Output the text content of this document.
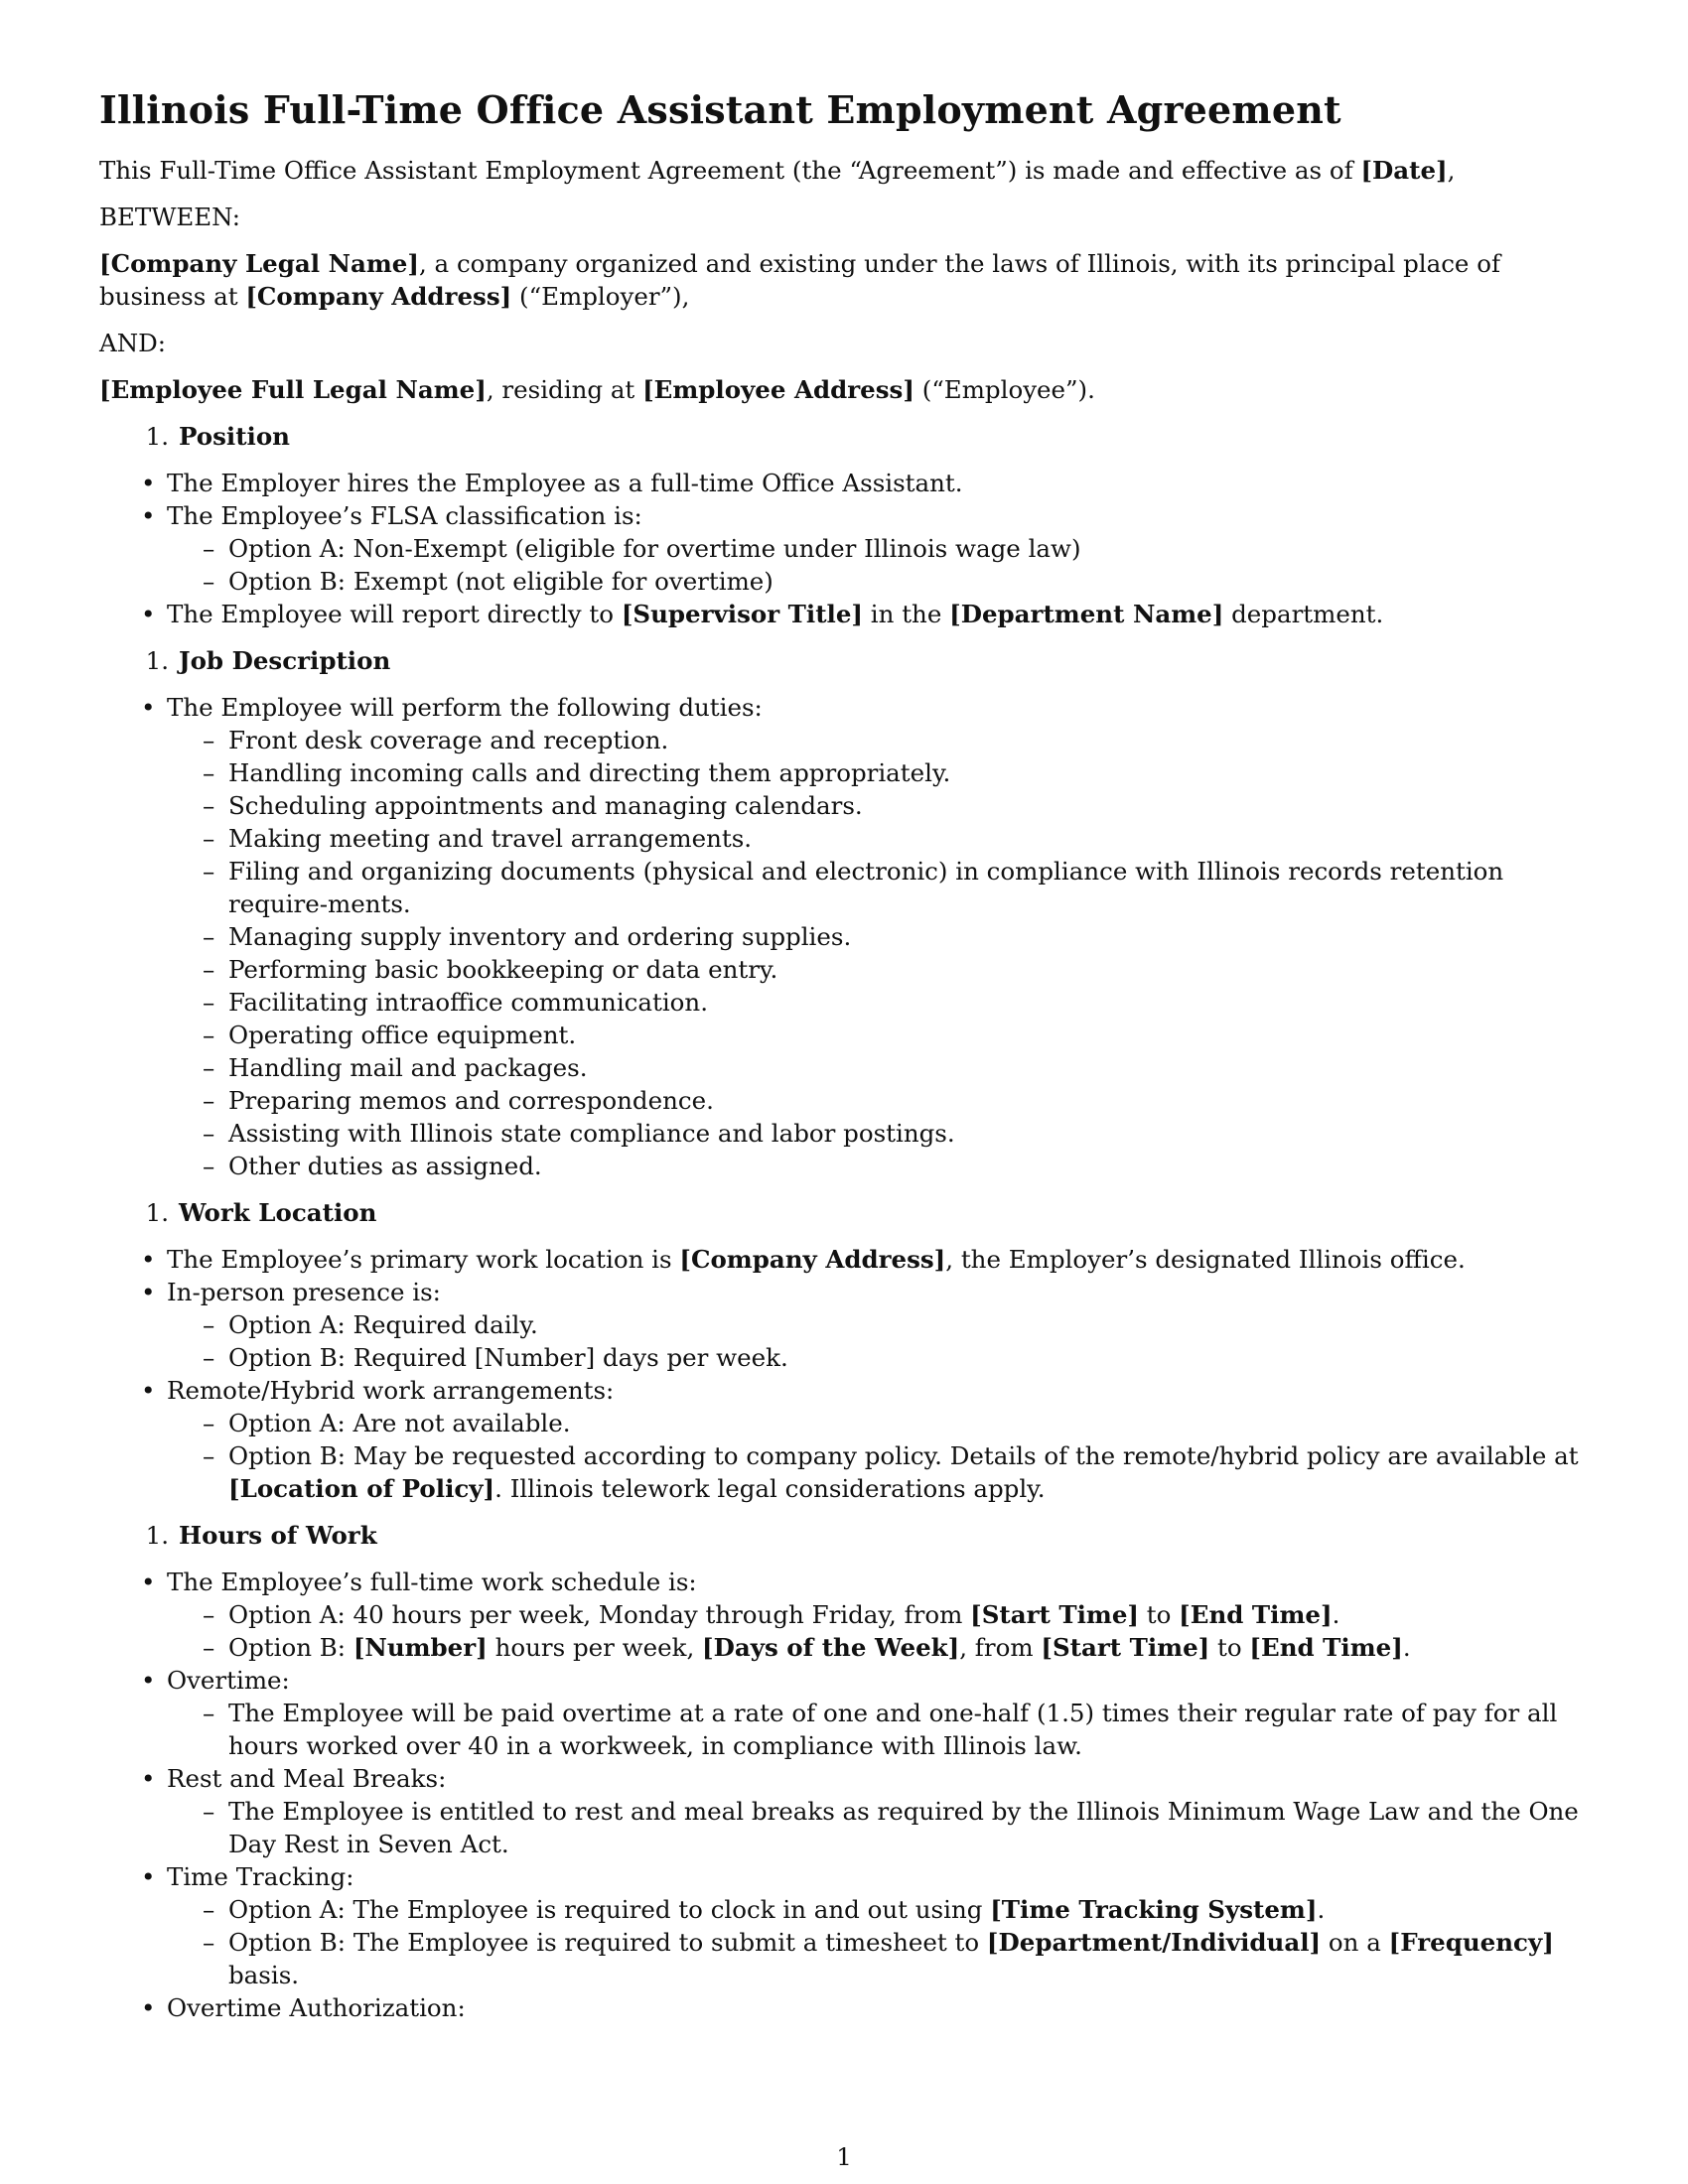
Illinois Full-Time Office Assistant Employment Agreement

This Full-Time Office Assistant Employment Agreement (the “Agreement”) is made and effective as of [Date],

BETWEEN:

[Company Legal Name], a company organized and existing under the laws of Illinois, with its principal place of business at [Company Address] (“Employer”),

AND:

[Employee Full Legal Name], residing at [Employee Address] (“Employee”).

1. Position
• The Employer hires the Employee as a full-time Office Assistant.
• The Employee’s FLSA classification is:
– Option A: Non-Exempt (eligible for overtime under Illinois wage law)
– Option B: Exempt (not eligible for overtime)
• The Employee will report directly to [Supervisor Title] in the [Department Name] department.
1. Job Description
• The Employee will perform the following duties:
– Front desk coverage and reception.
– Handling incoming calls and directing them appropriately.
– Scheduling appointments and managing calendars.
– Making meeting and travel arrangements.
– Filing and organizing documents (physical and electronic) in compliance with Illinois records retention require-ments.
– Managing supply inventory and ordering supplies.
– Performing basic bookkeeping or data entry.
– Facilitating intraoffice communication.
– Operating office equipment.
– Handling mail and packages.
– Preparing memos and correspondence.
– Assisting with Illinois state compliance and labor postings.
– Other duties as assigned.
1. Work Location
• The Employee’s primary work location is [Company Address], the Employer’s designated Illinois office.
• In-person presence is:
– Option A: Required daily.
– Option B: Required [Number] days per week.
• Remote/Hybrid work arrangements:
– Option A: Are not available.
– Option B: May be requested according to company policy. Details of the remote/hybrid policy are available at [Location of Policy]. Illinois telework legal considerations apply.
1. Hours of Work
• The Employee’s full-time work schedule is:
– Option A: 40 hours per week, Monday through Friday, from [Start Time] to [End Time].
– Option B: [Number] hours per week, [Days of the Week], from [Start Time] to [End Time].
• Overtime:
– The Employee will be paid overtime at a rate of one and one-half (1.5) times their regular rate of pay for all hours worked over 40 in a workweek, in compliance with Illinois law.
• Rest and Meal Breaks:
– The Employee is entitled to rest and meal breaks as required by the Illinois Minimum Wage Law and the One Day Rest in Seven Act.
• Time Tracking:
– Option A: The Employee is required to clock in and out using [Time Tracking System].
– Option B: The Employee is required to submit a timesheet to [Department/Individual] on a [Frequency] basis.
• Overtime Authorization:
1
